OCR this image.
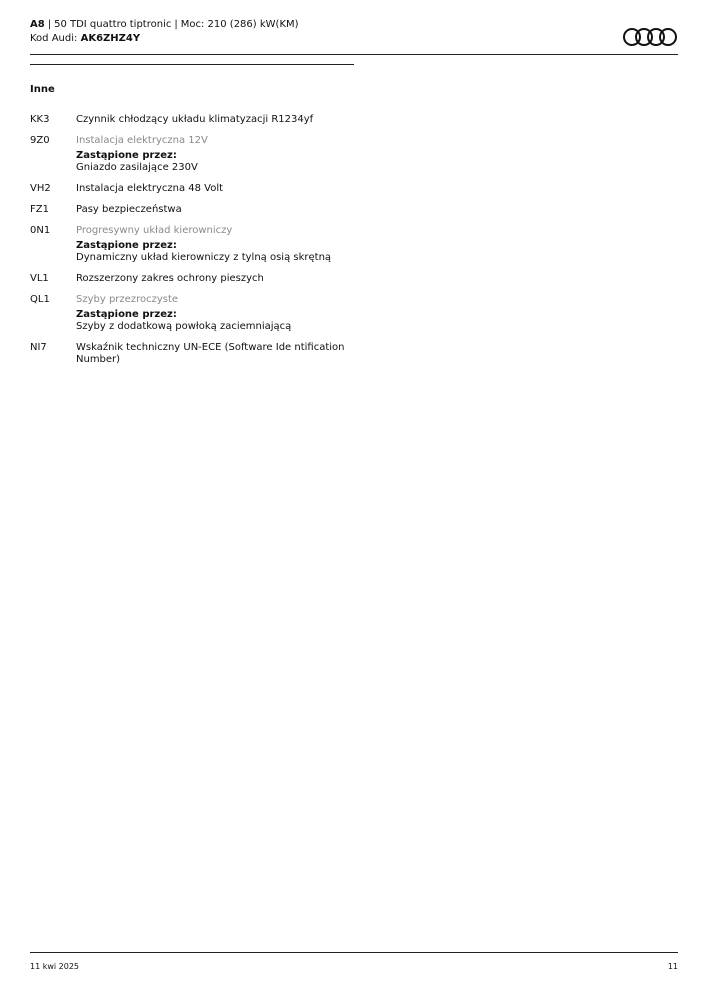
A8 | 50 TDI quattro tiptronic | Moc: 210 (286) kW(KM)
Kod Audi: AK6ZHZ4Y
Inne
KK3	Czynnik chłodzący układu klimatyzacji R1234yf
9Z0	Instalacja elektryczna 12V
Zastąpione przez:
Gniazdo zasilające 230V
VH2	Instalacja elektryczna 48 Volt
FZ1	Pasy bezpieczeństwa
0N1	Progresywny układ kierowniczy
Zastąpione przez:
Dynamiczny układ kierowniczy z tylną osią skrętną
VL1	Rozszerzony zakres ochrony pieszych
QL1	Szyby przezroczyste
Zastąpione przez:
Szyby z dodatkową powłoką zaciemniającą
NI7	Wskaźnik techniczny UN-ECE (Software Ide ntification Number)
11 kwi 2025	11
